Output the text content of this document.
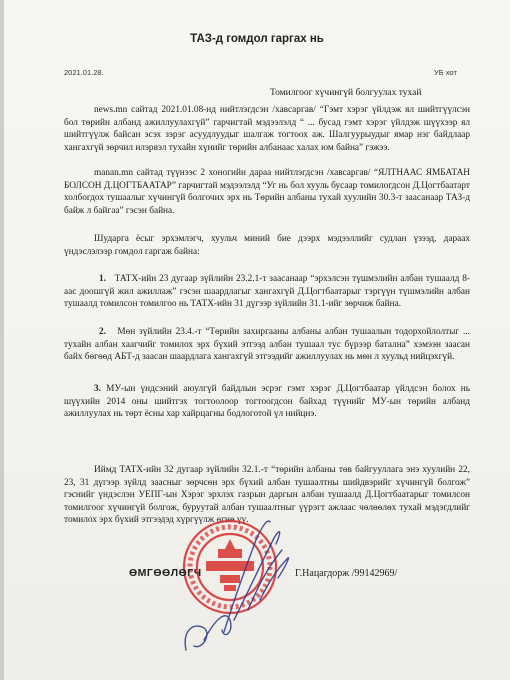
ТАЗ-д гомдол гаргах нь
2021.01.28.	УБ хот
Томилгоог хүчингүй болгуулах тухай

news.mn сайтад 2021.01.08-нд нийтлэгдсэн /хавсаргав/ “Гэмт хэрэг үйлдэж ял шийтгүүлсэн бол төрийн албанд ажиллуулахгүй” гарчигтай мэдээлэлд “ ... бусад гэмт хэрэг үйлдэж шүүхээр ял шийтгүүлж байсан эсэх зэрэг асуудлуудыг шалгаж тогтоох аж. Шалгуурыудыг ямар нэг байдлаар хангахгүй зөрчил илэрвэл тухайн хүнийг төрийн албанаас халах юм байна” гэжээ.

manan.mn сайтад түүнээс 2 хоногийн дараа нийтлэгдсэн /хавсаргав/ “ЯЛТНААС ЯМБАТАН БОЛСОН Д.ЦОГТБААТАР” гарчигтай мэдээлэлд “Уг нь бол хууль бусаар томилогдсон Д.Цогтбаатарт холбогдох тушаалыг хүчингүй болгочих эрх нь Төрийн албаны тухай хуулийн 30.3-т заасанаар ТАЗ-д байж л байгаа” гэсэн байна.

Шударга ёсыг эрхэмлэгч, хуульч миний бие дээрх мэдээллийг судлан үзээд, дараах үндэслэлээр гомдол гаргаж байна:

1. ТАТХ-ийн 23 дугаар зүйлийн 23.2.1-т заасанаар “эрхэлсэн түшмэлийн албан тушаалд 8-аас доошгүй жил ажиллаж” гэсэн шаардлагыг хангахгүй Д.Цогтбаатарыг тэргүүн түшмэлийн албан тушаалд томилсон томилгоо нь ТАТХ-ийн 31 дүгээр зүйлийн 31.1-ийг зөрчиж байна.

2. Мөн зүйлийн 23.4.-т “Төрийн захиргааны албаны албан тушаалын тодорхойлолтыг ... тухайн албан хаагчийг томилох эрх бүхий этгээд албан тушаал тус бүрээр батална” хэмээн заасан байх бөгөөд АБТ-д заасан шаардлага хангахгүй этгээдийг ажиллуулах нь мөн л хуульд нийцэхгүй.

3. МУ-ын үндсэний аюулгүй байдлын эсрэг гэмт хэрэг Д.Цогтбаатар үйлдсэн болох нь шүүхийн 2014 оны шийтгэх тогтоолоор тогтоогдсон байхад түүнийг МУ-ын төрийн албанд ажиллуулах нь төрт ёсны хар хайрцагны бодлоготой үл нийцнэ.

Иймд ТАТХ-ийн 32 дугаар зүйлийн 32.1.-т “төрийн албаны төв байгууллага энэ хуулийн 22, 23, 31 дүгээр зүйлд заасныг зөрчсөн эрх бүхий албан тушаалтны шийдвэрийг хүчингүй болгож” гэснийг үндэслэн УЕПГ-ын Хэрэг эрхлэх газрын даргын албан тушаалд Д.Цогтбаатарыг томилсон томилгоог хүчингүй болгож, буруутай албан тушаалтныг үүрэгт ажлаас чөлөөлөх тухай мэдэгдлийг томилох эрх бүхий этгээдэд хүргүүлж өгнө үү.

ӨМГӨӨЛӨГЧ	Г.Нацагдорж /99142969/
